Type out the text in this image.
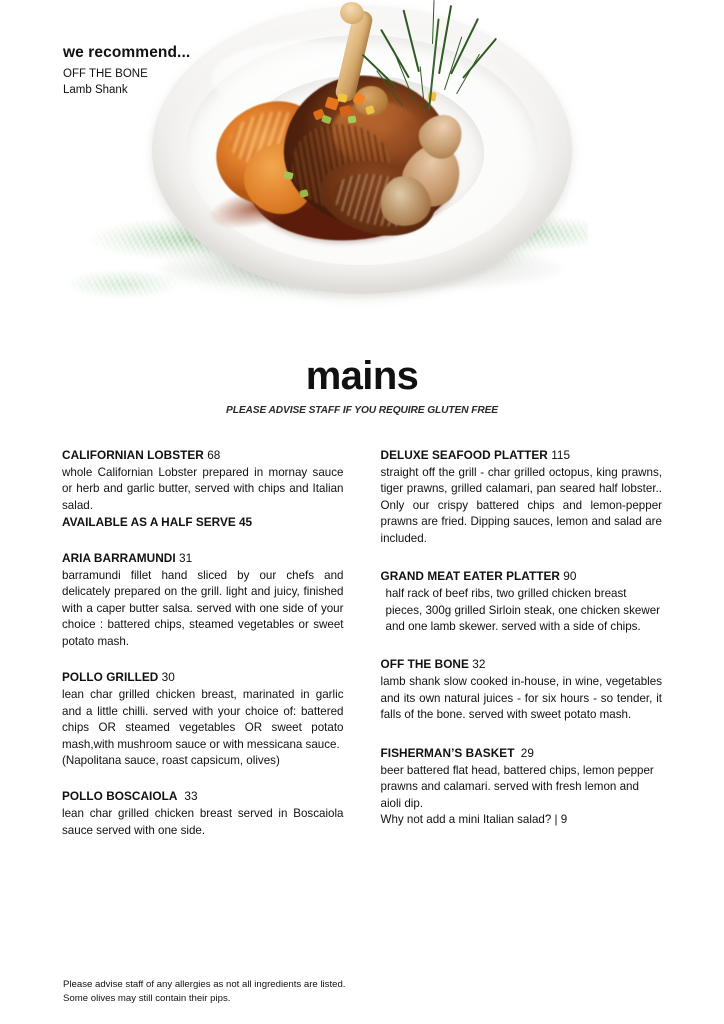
we recommend...

OFF THE BONE

Lamb Shank

mains

PLEASE ADVISE STAFF IF YOU REQUIRE GLUTEN FREE

CALIFORNIAN LOBSTER 68

whole Californian Lobster prepared in mornay sauce or herb and garlic butter, served with chips and Italian salad.

AVAILABLE AS A HALF SERVE 45

ARIA BARRAMUNDI 31

barramundi fillet hand sliced by our chefs and delicately prepared on the grill. light and juicy, finished with a caper butter salsa. served with one side of your choice : battered chips, steamed vegetables or sweet potato mash.

POLLO GRILLED 30

lean char grilled chicken breast, marinated in garlic and a little chilli. served with your choice of: battered chips OR steamed vegetables OR sweet potato mash,with mushroom sauce or with messicana sauce.

(Napolitana sauce, roast capsicum, olives)

POLLO BOSCAIOLA 33

lean char grilled chicken breast served in Boscaiola sauce served with one side.

DELUXE SEAFOOD PLATTER 115

straight off the grill - char grilled octopus, king prawns, tiger prawns, grilled calamari, pan seared half lobster.. Only our crispy battered chips and lemon-pepper prawns are fried. Dipping sauces, lemon and salad are included.

GRAND MEAT EATER PLATTER 90

half rack of beef ribs, two grilled chicken breast pieces, 300g grilled Sirloin steak, one chicken skewer and one lamb skewer. served with a side of chips.

OFF THE BONE 32

lamb shank slow cooked in-house, in wine, vegetables and its own natural juices - for six hours - so tender, it falls of the bone. served with sweet potato mash.

FISHERMAN’S BASKET 29

beer battered flat head, battered chips, lemon pepper prawns and calamari. served with fresh lemon and aioli dip.

Why not add a mini Italian salad? | 9

Please advise staff of any allergies as not all ingredients are listed.

Some olives may still contain their pips.
